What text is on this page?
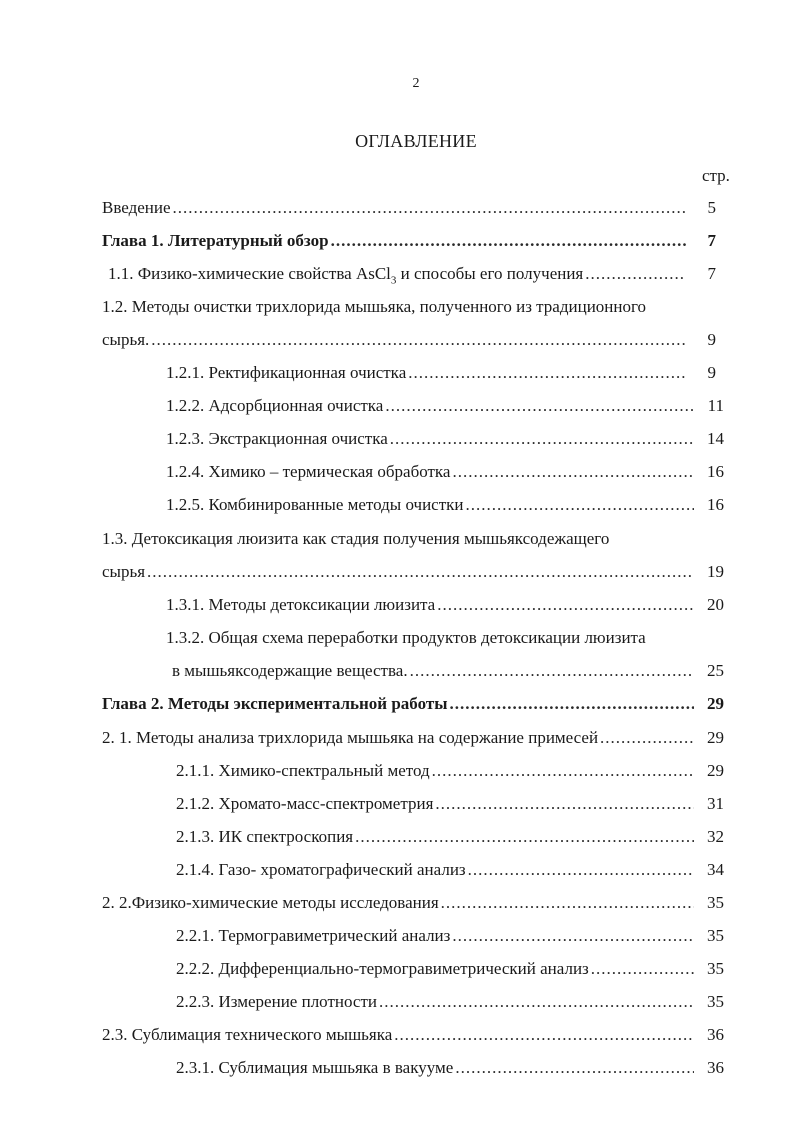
2
ОГЛАВЛЕНИЕ
стр.
Введение .....	5
Глава 1. Литературный обзор .....	7
1.1. Физико-химические свойства AsCl$_3$ и способы его получения .....	7
1.2. Методы очистки трихлорида мышьяка, полученного из традиционного
сырья. .....	9
1.2.1. Ректификационная очистка .....	9
1.2.2. Адсорбционная очистка .....	11
1.2.3. Экстракционная очистка .....	14
1.2.4. Химико – термическая обработка .....	16
1.2.5. Комбинированные методы очистки .....	16
1.3. Детоксикация люизита как стадия получения мышьяксодежащего
сырья .....	19
1.3.1. Методы детоксикации люизита .....	20
1.3.2. Общая схема переработки продуктов детоксикации люизита
в мышьяксодержащие вещества. .....	25
Глава 2. Методы экспериментальной работы .....	29
2. 1. Методы анализа трихлорида мышьяка на содержание примесей .....	29
2.1.1. Химико-спектральный метод .....	29
2.1.2. Хромато-масс-спектрометрия .....	31
2.1.3. ИК спектроскопия .....	32
2.1.4. Газо- хроматографический анализ .....	34
2. 2.Физико-химические методы исследования .....	35
2.2.1. Термогравиметрический анализ .....	35
2.2.2. Дифференциально-термогравиметрический анализ .....	35
2.2.3. Измерение плотности .....	35
2.3. Сублимация технического мышьяка .....	36
2.3.1. Сублимация мышьяка в вакууме .....	36
